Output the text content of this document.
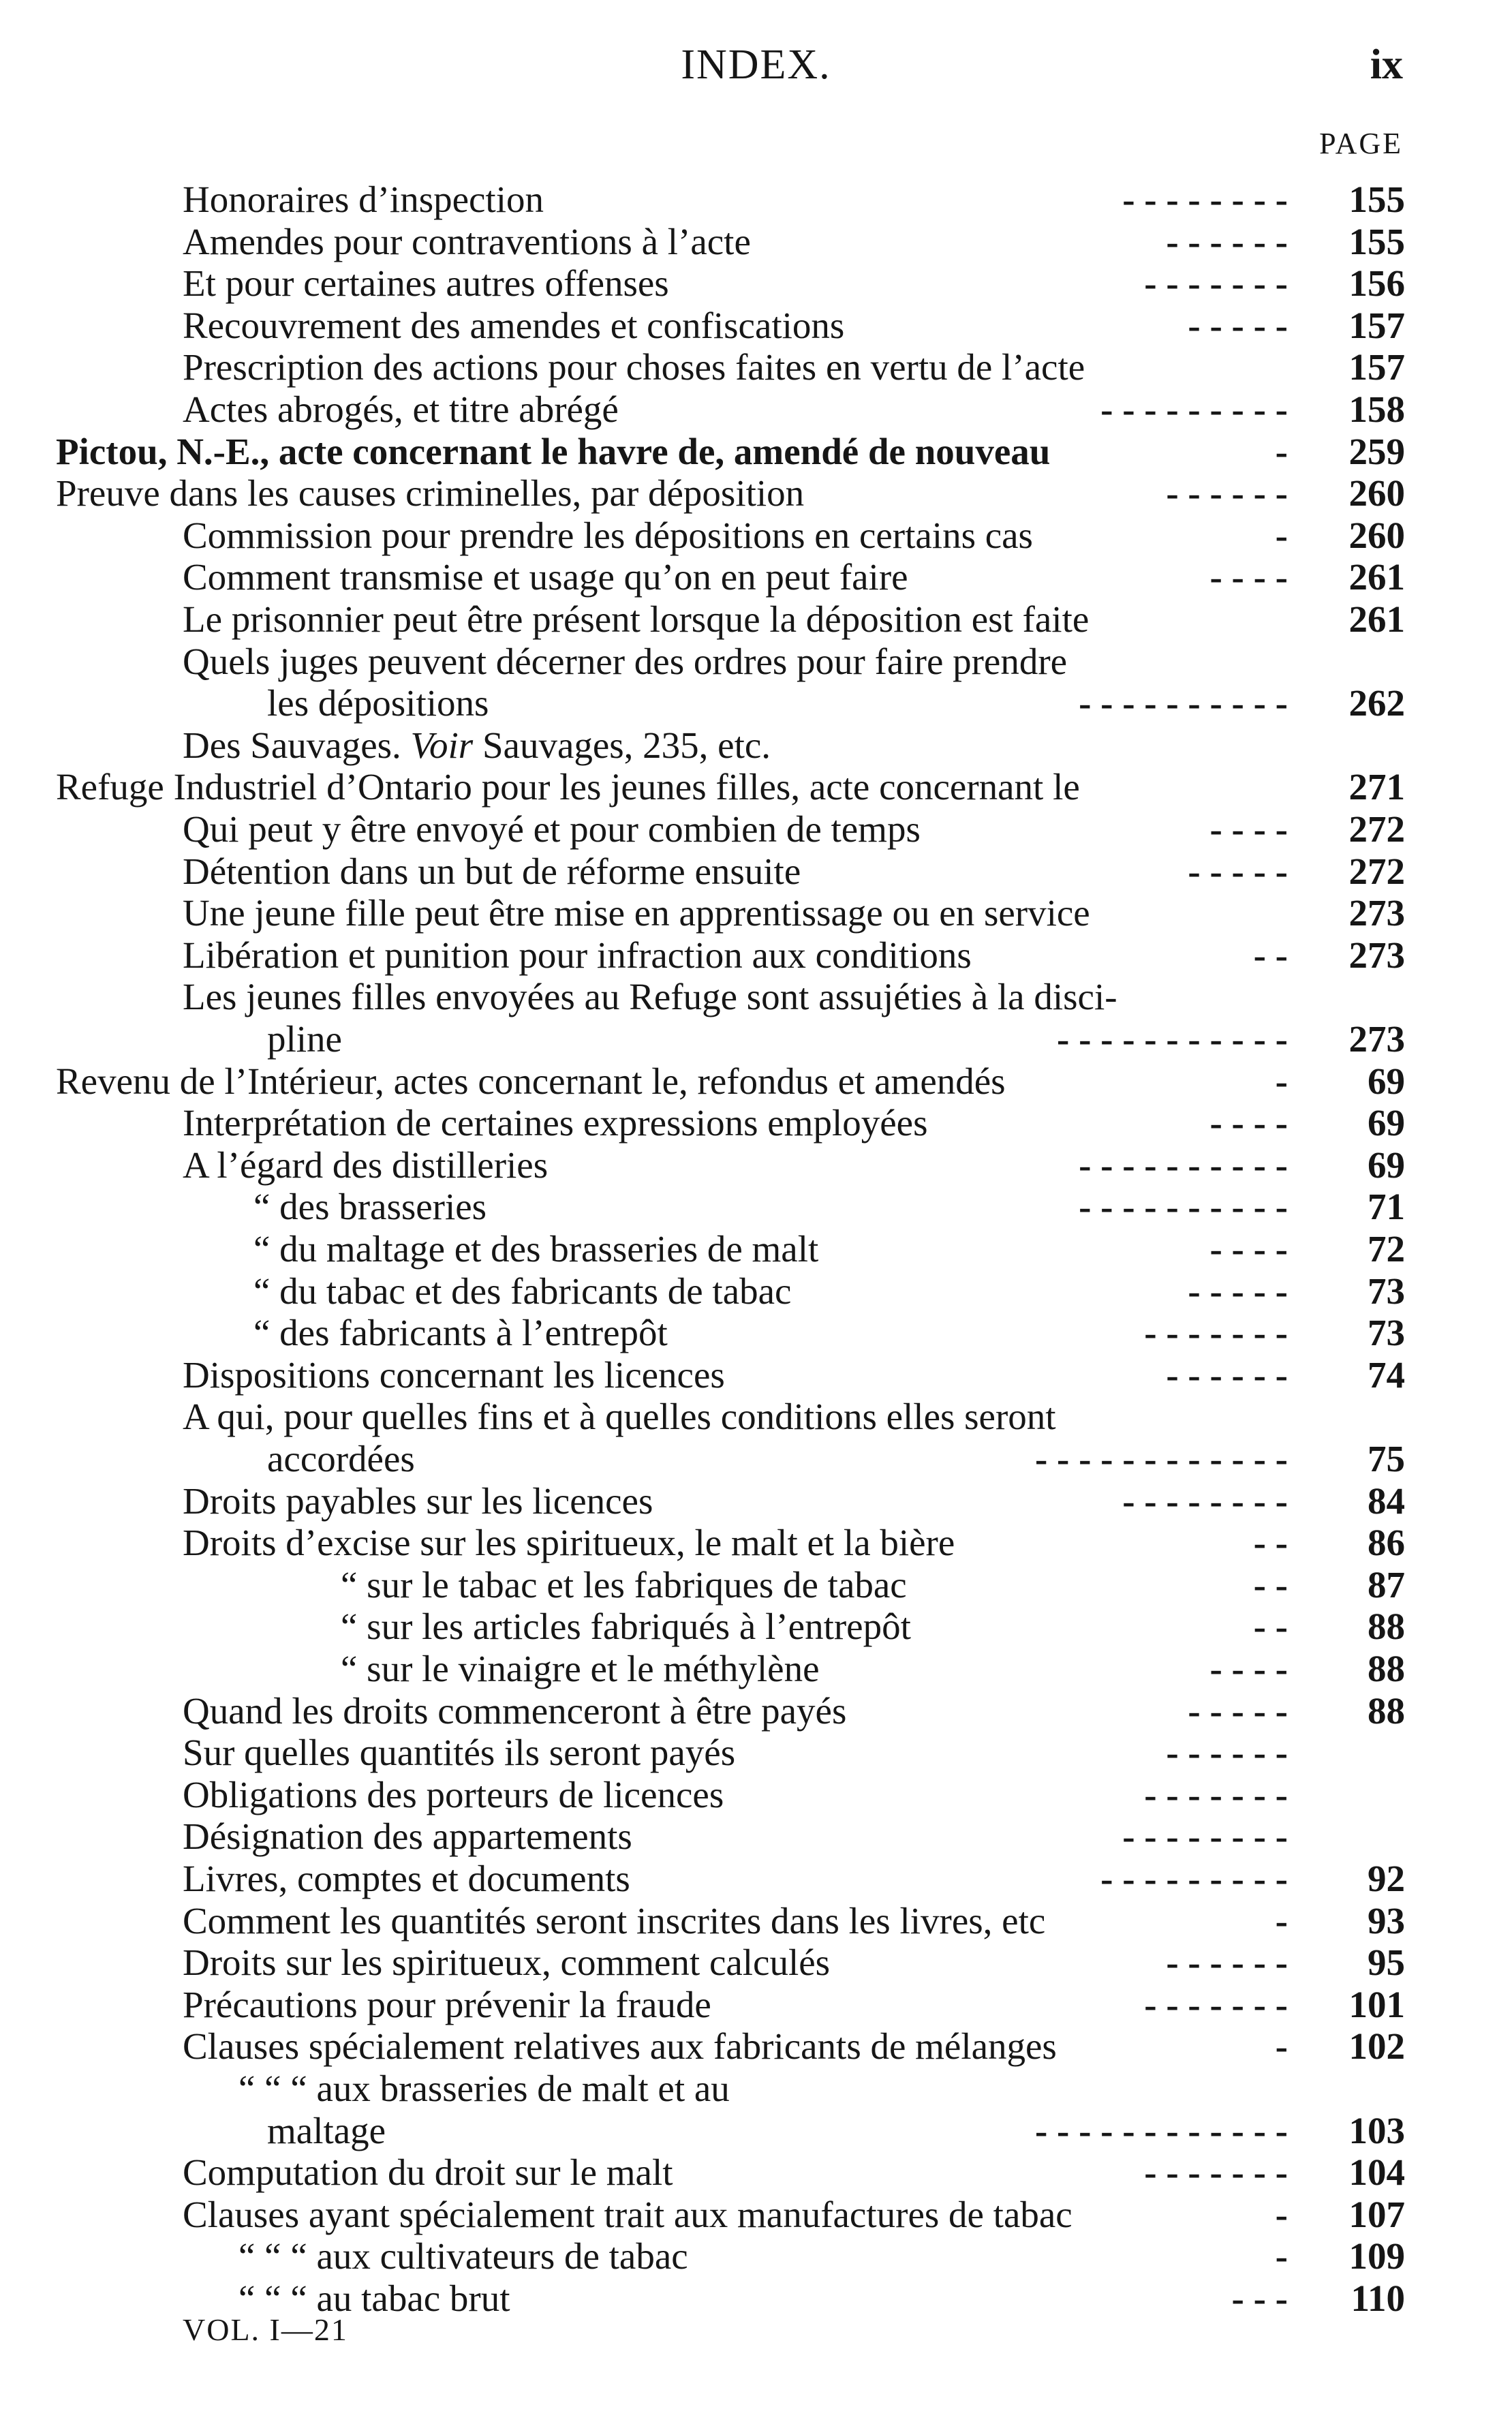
INDEX.	ix
PAGE
Honoraires d’inspection	- - - - - - - -	155
Amendes pour contraventions à l’acte	- - - - - -	155
Et pour certaines autres offenses	- - - - - - -	156
Recouvrement des amendes et confiscations	- - - - -	157
Prescription des actions pour choses faites en vertu de l’acte	157
Actes abrogés, et titre abrégé	- - - - - - - - -	158
Pictou, N.-E., acte concernant le havre de, amendé de nouveau	-	259
Preuve dans les causes criminelles, par déposition	- - - - - -	260
Commission pour prendre les dépositions en certains cas	-	260
Comment transmise et usage qu’on en peut faire	- - - -	261
Le prisonnier peut être présent lorsque la déposition est faite	261
Quels juges peuvent décerner des ordres pour faire prendre
les dépositions	- - - - - - - - - -	262
Des Sauvages. Voir Sauvages, 235, etc.
Refuge Industriel d’Ontario pour les jeunes filles, acte concernant le	271
Qui peut y être envoyé et pour combien de temps	- - - -	272
Détention dans un but de réforme ensuite	- - - - -	272
Une jeune fille peut être mise en apprentissage ou en service	273
Libération et punition pour infraction aux conditions	- -	273
Les jeunes filles envoyées au Refuge sont assujéties à la disci-
pline	- - - - - - - - - - -	273
Revenu de l’Intérieur, actes concernant le, refondus et amendés	-	69
Interprétation de certaines expressions employées	- - - -	69
A l’égard des distilleries	- - - - - - - - - -	69
“ des brasseries	- - - - - - - - - -	71
“ du maltage et des brasseries de malt	- - - -	72
“ du tabac et des fabricants de tabac	- - - - -	73
“ des fabricants à l’entrepôt	- - - - - - -	73
Dispositions concernant les licences	- - - - - -	74
A qui, pour quelles fins et à quelles conditions elles seront
accordées	- - - - - - - - - - - -	75
Droits payables sur les licences	- - - - - - - -	84
Droits d’excise sur les spiritueux, le malt et la bière	- -	86
“ sur le tabac et les fabriques de tabac	- -	87
“ sur les articles fabriqués à l’entrepôt	- -	88
“ sur le vinaigre et le méthylène	- - - -	88
Quand les droits commenceront à être payés	- - - - -	88
Sur quelles quantités ils seront payés	- - - - - -
Obligations des porteurs de licences	- - - - - - -
Désignation des appartements	- - - - - - - -
Livres, comptes et documents	- - - - - - - - -	92
Comment les quantités seront inscrites dans les livres, etc	-	93
Droits sur les spiritueux, comment calculés	- - - - - -	95
Précautions pour prévenir la fraude	- - - - - - -	101
Clauses spécialement relatives aux fabricants de mélanges	-	102
“ “ “ aux brasseries de malt et au
maltage	- - - - - - - - - - - -	103
Computation du droit sur le malt	- - - - - - -	104
Clauses ayant spécialement trait aux manufactures de tabac	-	107
“ “ “ aux cultivateurs de tabac	-	109
“ “ “ au tabac brut	- - -	110
VOL. I—21
